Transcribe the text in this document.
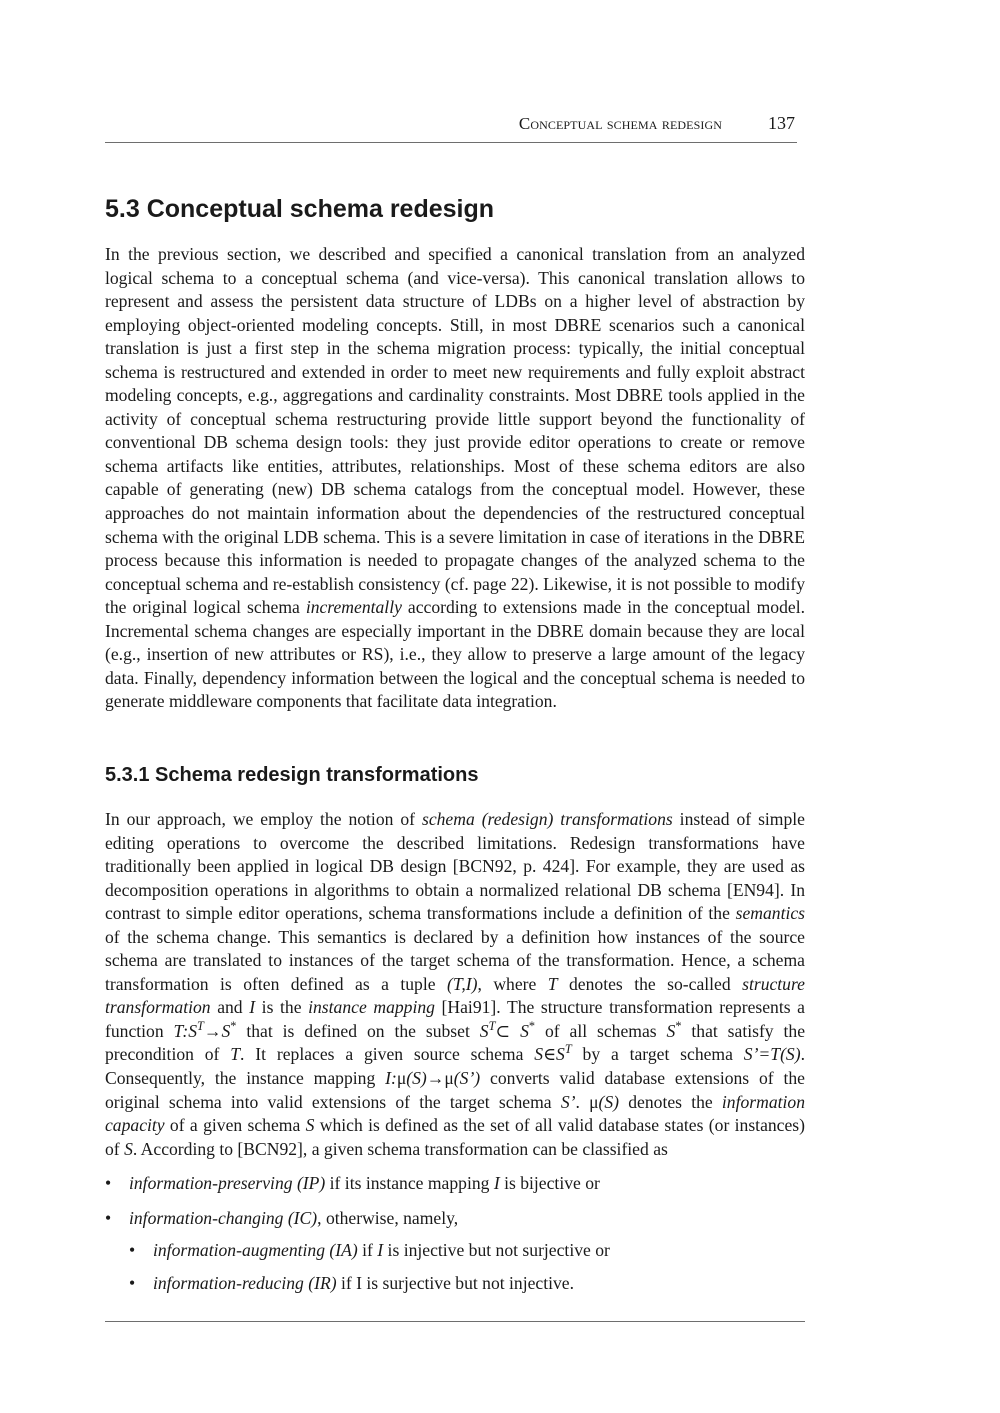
Conceptual schema redesign	137
5.3 Conceptual schema redesign

In the previous section, we described and specified a canonical translation from an analyzed logical schema to a conceptual schema (and vice-versa). This canonical translation allows to represent and assess the persistent data structure of LDBs on a higher level of abstraction by employing object-oriented modeling concepts. Still, in most DBRE scenarios such a canonical translation is just a first step in the schema migration process: typically, the initial conceptual schema is restructured and extended in order to meet new requirements and fully exploit abstract modeling concepts, e.g., aggregations and cardinality constraints. Most DBRE tools applied in the activity of conceptual schema restructuring provide little support beyond the functionality of conventional DB schema design tools: they just provide editor operations to create or remove schema artifacts like entities, attributes, relationships. Most of these schema editors are also capable of generating (new) DB schema catalogs from the conceptual model. However, these approaches do not maintain information about the dependencies of the restructured conceptual schema with the original LDB schema. This is a severe limitation in case of iterations in the DBRE process because this information is needed to propagate changes of the analyzed schema to the conceptual schema and re-establish consistency (cf. page 22). Likewise, it is not possible to modify the original logical schema incrementally according to extensions made in the conceptual model. Incremental schema changes are especially important in the DBRE domain because they are local (e.g., insertion of new attributes or RS), i.e., they allow to preserve a large amount of the legacy data. Finally, dependency information between the logical and the conceptual schema is needed to generate middleware components that facilitate data integration.

5.3.1 Schema redesign transformations

In our approach, we employ the notion of schema (redesign) transformations instead of simple editing operations to overcome the described limitations. Redesign transformations have traditionally been applied in logical DB design [BCN92, p. 424]. For example, they are used as decomposition operations in algorithms to obtain a normalized relational DB schema [EN94]. In contrast to simple editor operations, schema transformations include a definition of the semantics of the schema change. This semantics is declared by a definition how instances of the source schema are translated to instances of the target schema of the transformation. Hence, a schema transformation is often defined as a tuple (T,I), where T denotes the so-called structure transformation and I is the instance mapping [Hai91]. The structure transformation represents a function $T:S^T\to S^*$ that is defined on the subset $S^T\subset$ S* of all schemas S* that satisfy the precondition of T. It replaces a given source schema $S\in S^T$ by a target schema S’=T(S). Consequently, the instance mapping I:μ(S)→μ(S’) converts valid database extensions of the original schema into valid extensions of the target schema S’. μ(S) denotes the information capacity of a given schema S which is defined as the set of all valid database states (or instances) of S. According to [BCN92], a given schema transformation can be classified as

• information-preserving (IP) if its instance mapping I is bijective or
• information-changing (IC), otherwise, namely,
• information-augmenting (IA) if I is injective but not surjective or
• information-reducing (IR) if I is surjective but not injective.
